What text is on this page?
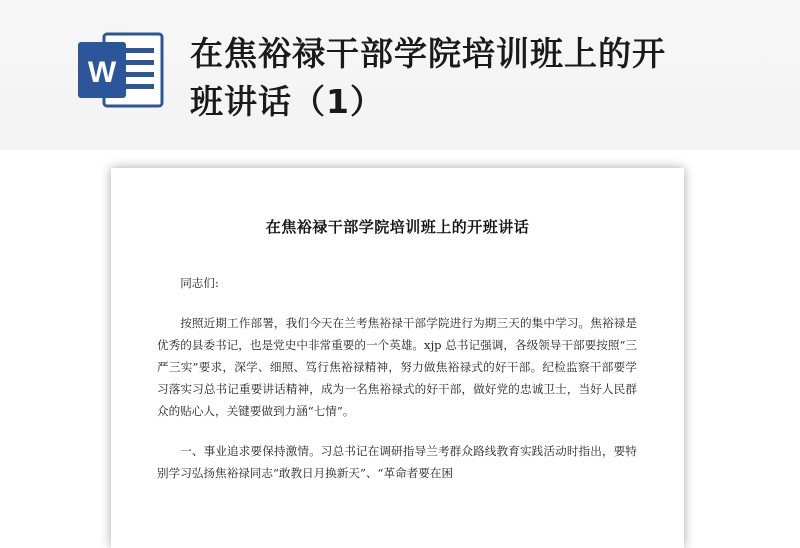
W 在焦裕禄干部学院培训班上的开
班讲话（1）
在焦裕禄干部学院培训班上的开班讲话

同志们:

按照近期工作部署，我们今天在兰考焦裕禄干部学院进行为期三天的集中学习。焦裕禄是优秀的县委书记，也是党史中非常重要的一个英雄。xjp 总书记强调，各级领导干部要按照“三严三实”要求，深学、细照、笃行焦裕禄精神，努力做焦裕禄式的好干部。纪检监察干部要学习落实习总书记重要讲话精神，成为一名焦裕禄式的好干部，做好党的忠诚卫士，当好人民群众的贴心人，关键要做到力涵“七情”。

一、事业追求要保持激情。习总书记在调研指导兰考群众路线教育实践活动时指出，要特别学习弘扬焦裕禄同志“敢教日月换新天”、“革命者要在困
